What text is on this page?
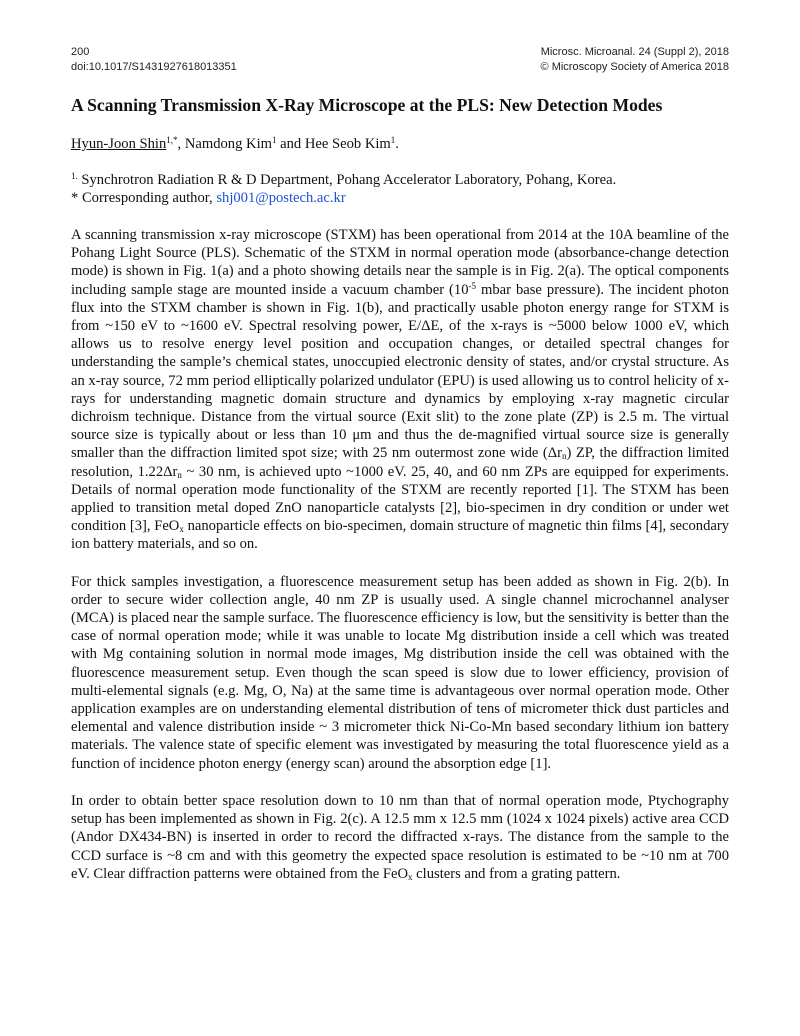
200
doi:10.1017/S1431927618013351
Microsc. Microanal. 24 (Suppl 2), 2018
© Microscopy Society of America 2018
A Scanning Transmission X-Ray Microscope at the PLS: New Detection Modes
Hyun-Joon Shin$^{1,*}$, Namdong Kim$^1$ and Hee Seob Kim$^1$.
$^{1.}$ Synchrotron Radiation R & D Department, Pohang Accelerator Laboratory, Pohang, Korea.
* Corresponding author, shj001@postech.ac.kr

A scanning transmission x-ray microscope (STXM) has been operational from 2014 at the 10A beamline of the Pohang Light Source (PLS). Schematic of the STXM in normal operation mode (absorbance-change detection mode) is shown in Fig. 1(a) and a photo showing details near the sample is in Fig. 2(a). The optical components including sample stage are mounted inside a vacuum chamber ($10^{-5}$ mbar base pressure). The incident photon flux into the STXM chamber is shown in Fig. 1(b), and practically usable photon energy range for STXM is from ~150 eV to ~1600 eV. Spectral resolving power, E/ΔE, of the x-rays is ~5000 below 1000 eV, which allows us to resolve energy level position and occupation changes, or detailed spectral changes for understanding the sample’s chemical states, unoccupied electronic density of states, and/or crystal structure. As an x-ray source, 72 mm period elliptically polarized undulator (EPU) is used allowing us to control helicity of x-rays for understanding magnetic domain structure and dynamics by employing x-ray magnetic circular dichroism technique. Distance from the virtual source (Exit slit) to the zone plate (ZP) is 2.5 m. The virtual source size is typically about or less than 10 μm and thus the de-magnified virtual source size is generally smaller than the diffraction limited spot size; with 25 nm outermost zone wide $(\Delta r_n)$ ZP, the diffraction limited resolution, $1.22\Delta r_n$ ~ 30 nm, is achieved upto ~1000 eV. 25, 40, and 60 nm ZPs are equipped for experiments. Details of normal operation mode functionality of the STXM are recently reported [1]. The STXM has been applied to transition metal doped ZnO nanoparticle catalysts [2], bio-specimen in dry condition or under wet condition [3], FeO$_x$ nanoparticle effects on bio-specimen, domain structure of magnetic thin films [4], secondary ion battery materials, and so on.

For thick samples investigation, a fluorescence measurement setup has been added as shown in Fig. 2(b). In order to secure wider collection angle, 40 nm ZP is usually used. A single channel microchannel analyser (MCA) is placed near the sample surface. The fluorescence efficiency is low, but the sensitivity is better than the case of normal operation mode; while it was unable to locate Mg distribution inside a cell which was treated with Mg containing solution in normal mode images, Mg distribution inside the cell was obtained with the fluorescence measurement setup. Even though the scan speed is slow due to lower efficiency, provision of multi-elemental signals (e.g. Mg, O, Na) at the same time is advantageous over normal operation mode. Other application examples are on understanding elemental distribution of tens of micrometer thick dust particles and elemental and valence distribution inside ~ 3 micrometer thick Ni-Co-Mn based secondary lithium ion battery materials. The valence state of specific element was investigated by measuring the total fluorescence yield as a function of incidence photon energy (energy scan) around the absorption edge [1].

In order to obtain better space resolution down to 10 nm than that of normal operation mode, Ptychography setup has been implemented as shown in Fig. 2(c). A 12.5 mm x 12.5 mm (1024 x 1024 pixels) active area CCD (Andor DX434-BN) is inserted in order to record the diffracted x-rays. The distance from the sample to the CCD surface is ~8 cm and with this geometry the expected space resolution is estimated to be ~10 nm at 700 eV. Clear diffraction patterns were obtained from the FeO$_x$ clusters and from a grating pattern.
